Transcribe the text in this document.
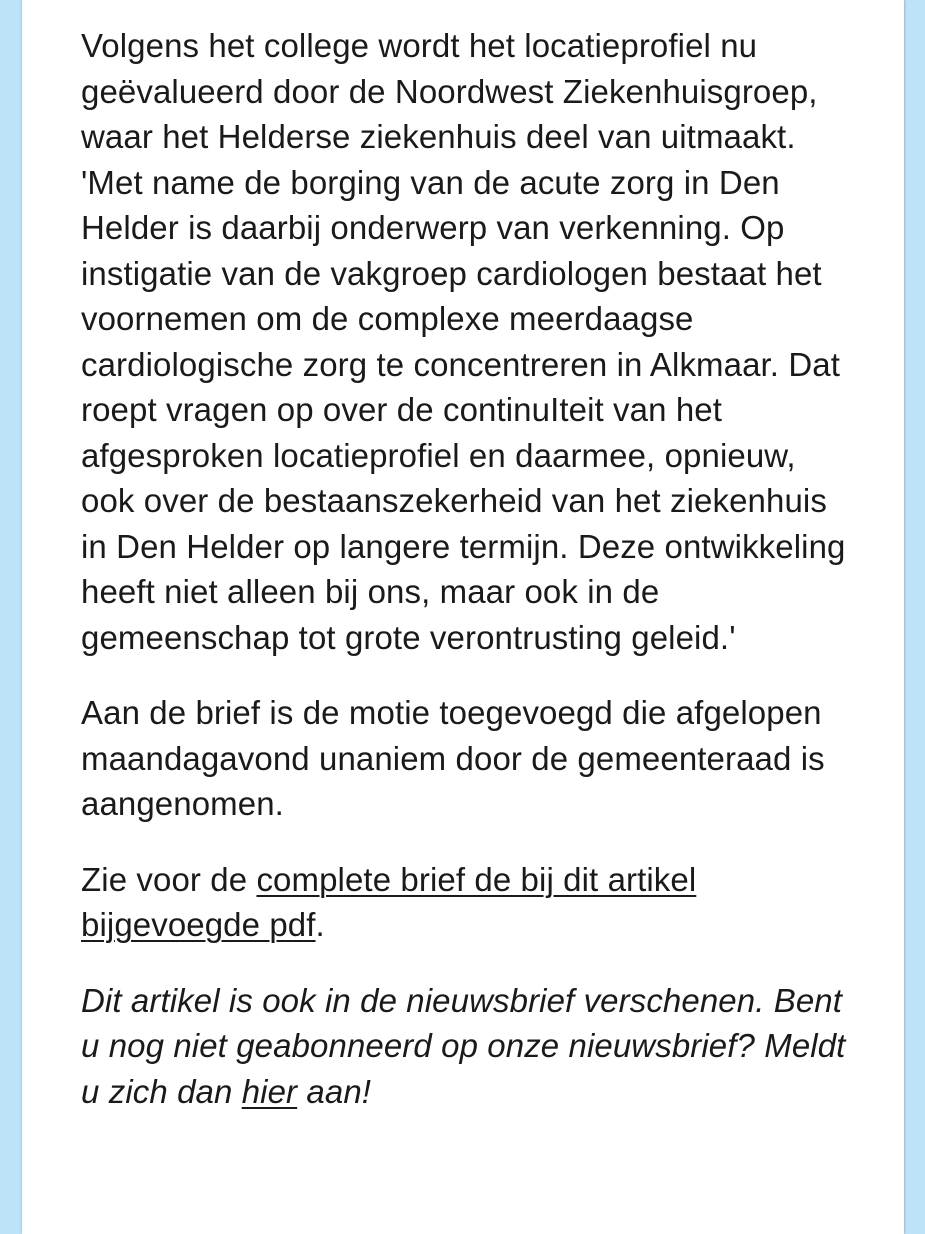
Volgens het college wordt het locatieprofiel nu geëvalueerd door de Noordwest Ziekenhuisgroep, waar het Helderse ziekenhuis deel van uitmaakt. 'Met name de borging van de acute zorg in Den Helder is daarbij onderwerp van verkenning. Op instigatie van de vakgroep cardiologen bestaat het voornemen om de complexe meerdaagse cardiologische zorg te concentreren in Alkmaar. Dat roept vragen op over de continuIteit van het afgesproken locatieprofiel en daarmee, opnieuw, ook over de bestaanszekerheid van het ziekenhuis in Den Helder op langere termijn. Deze ontwikkeling heeft niet alleen bij ons, maar ook in de gemeenschap tot grote verontrusting geleid.'

Aan de brief is de motie toegevoegd die afgelopen maandagavond unaniem door de gemeenteraad is aangenomen.

Zie voor de complete brief de bij dit artikel bijgevoegde pdf.

Dit artikel is ook in de nieuwsbrief verschenen. Bent u nog niet geabonneerd op onze nieuwsbrief? Meldt u zich dan hier aan!
